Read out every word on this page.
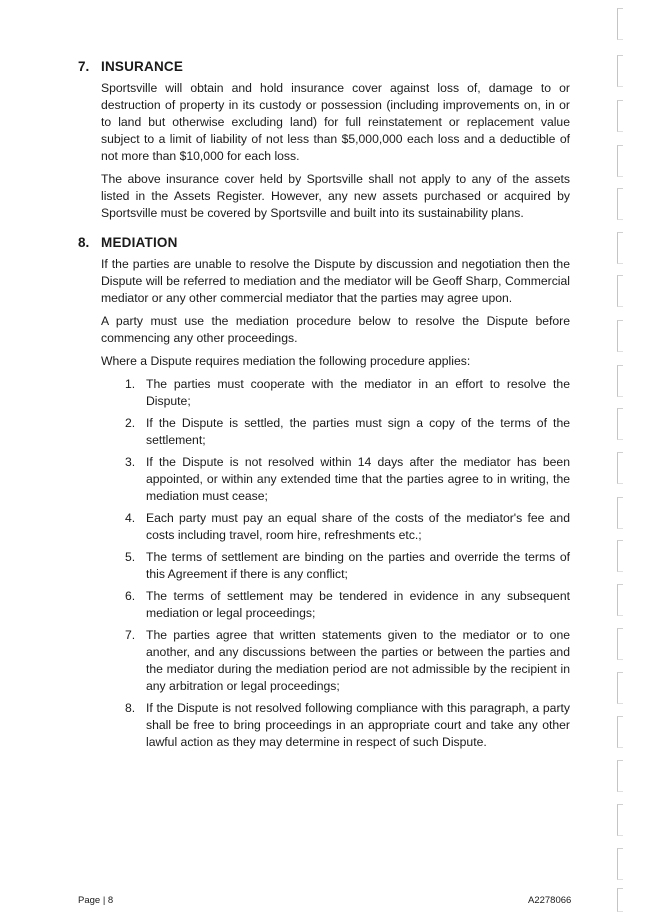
7. INSURANCE

Sportsville will obtain and hold insurance cover against loss of, damage to or destruction of property in its custody or possession (including improvements on, in or to land but otherwise excluding land) for full reinstatement or replacement value subject to a limit of liability of not less than $5,000,000 each loss and a deductible of not more than $10,000 for each loss.

The above insurance cover held by Sportsville shall not apply to any of the assets listed in the Assets Register. However, any new assets purchased or acquired by Sportsville must be covered by Sportsville and built into its sustainability plans.

8. MEDIATION

If the parties are unable to resolve the Dispute by discussion and negotiation then the Dispute will be referred to mediation and the mediator will be Geoff Sharp, Commercial mediator or any other commercial mediator that the parties may agree upon.

A party must use the mediation procedure below to resolve the Dispute before commencing any other proceedings.

Where a Dispute requires mediation the following procedure applies:

1. The parties must cooperate with the mediator in an effort to resolve the Dispute;
2. If the Dispute is settled, the parties must sign a copy of the terms of the settlement;
3. If the Dispute is not resolved within 14 days after the mediator has been appointed, or within any extended time that the parties agree to in writing, the mediation must cease;
4. Each party must pay an equal share of the costs of the mediator's fee and costs including travel, room hire, refreshments etc.;
5. The terms of settlement are binding on the parties and override the terms of this Agreement if there is any conflict;
6. The terms of settlement may be tendered in evidence in any subsequent mediation or legal proceedings;
7. The parties agree that written statements given to the mediator or to one another, and any discussions between the parties or between the parties and the mediator during the mediation period are not admissible by the recipient in any arbitration or legal proceedings;
8. If the Dispute is not resolved following compliance with this paragraph, a party shall be free to bring proceedings in an appropriate court and take any other lawful action as they may determine in respect of such Dispute.
Page | 8	A2278066
